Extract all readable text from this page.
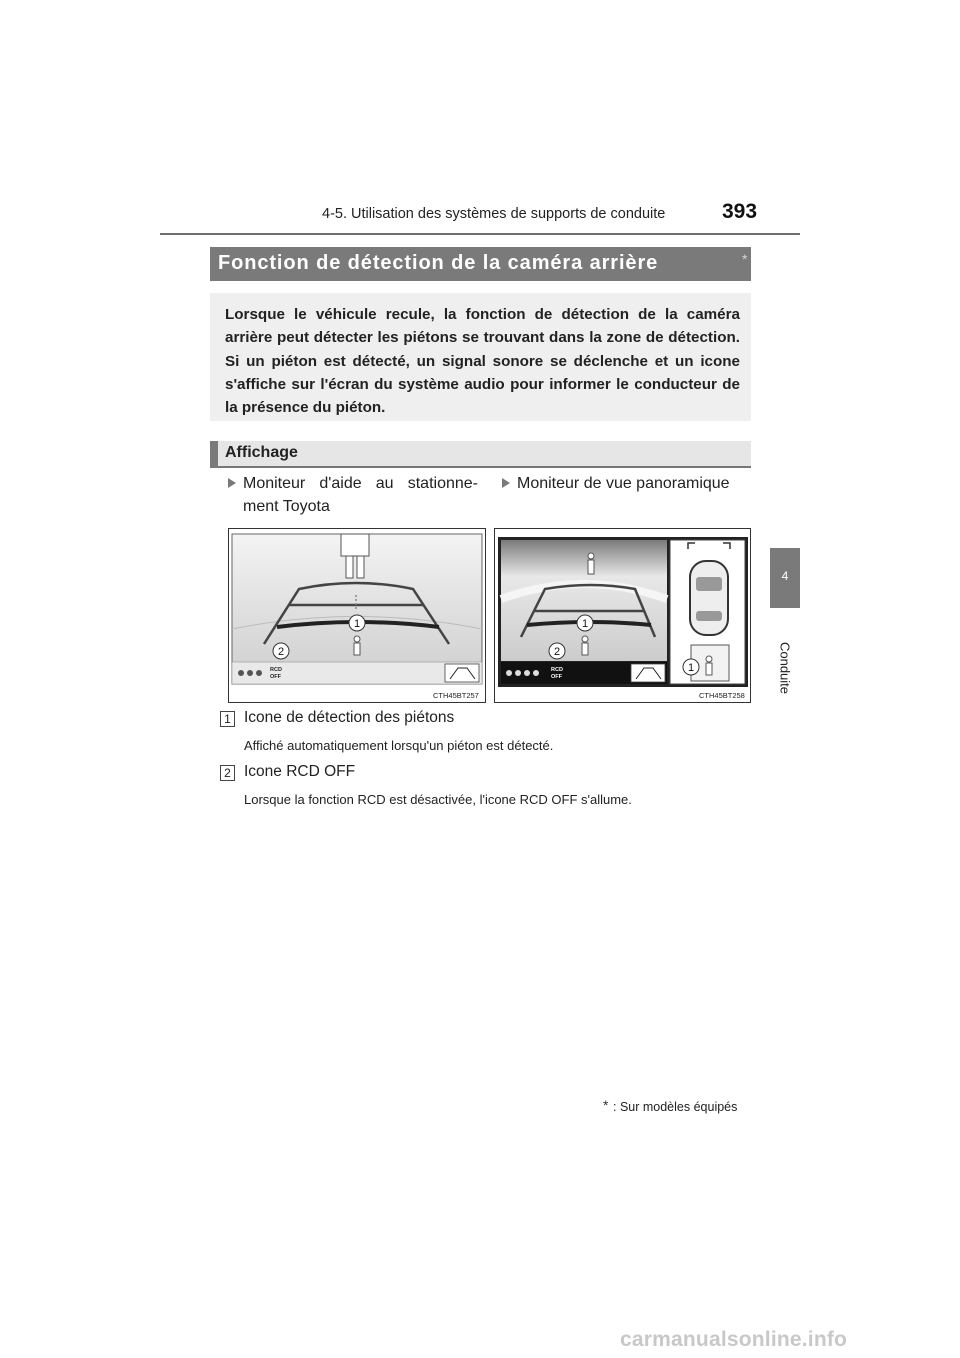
4-5. Utilisation des systèmes de supports de conduite	393
4
Conduite
Fonction de détection de la caméra arrière	*

Lorsque le véhicule recule, la fonction de détection de la caméra arrière peut détecter les piétons se trouvant dans la zone de détection. Si un piéton est détecté, un signal sonore se déclenche et un icone s'affiche sur l'écran du système audio pour informer le conducteur de la présence du piéton.

Affichage
Moniteur d'aide au stationne-
ment Toyota
Moniteur de vue panoramique
1
2
RCD
OFF
CTH45BT257
1
2
RCD
OFF
1
CTH45BT258
1 Icone de détection des piétons
Affiché automatiquement lorsqu'un piéton est détecté.
2 Icone RCD OFF
Lorsque la fonction RCD est désactivée, l'icone RCD OFF s'allume.
* : Sur modèles équipés
carmanualsonline.info
